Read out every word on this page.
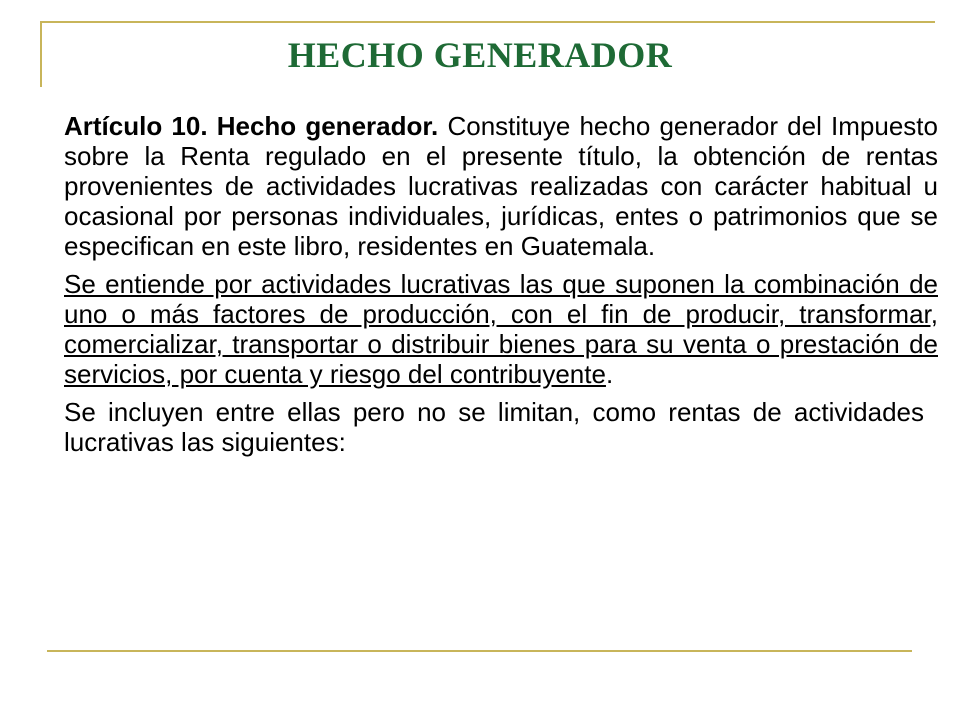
HECHO GENERADOR

Artículo 10. Hecho generador. Constituye hecho generador del Impuesto sobre la Renta regulado en el presente título, la obtención de rentas provenientes de actividades lucrativas realizadas con carácter habitual u ocasional por personas individuales, jurídicas, entes o patrimonios que se especifican en este libro, residentes en Guatemala.

Se entiende por actividades lucrativas las que suponen la combinación de uno o más factores de producción, con el fin de producir, transformar, comercializar, transportar o distribuir bienes para su venta o prestación de servicios, por cuenta y riesgo del contribuyente.

Se incluyen entre ellas pero no se limitan, como rentas de actividades lucrativas las siguientes:
